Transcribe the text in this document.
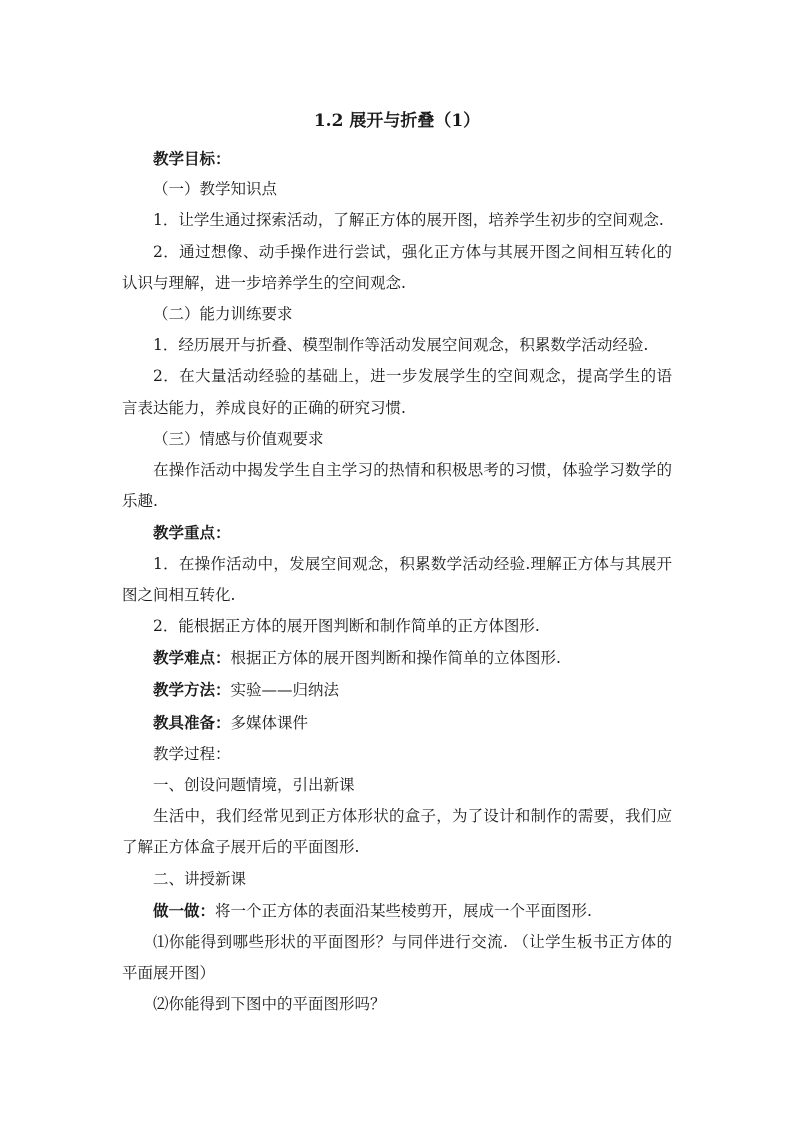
1.2 展开与折叠（1）

教学目标：

（一）教学知识点

1．让学生通过探索活动，了解正方体的展开图，培养学生初步的空间观念.

2．通过想像、动手操作进行尝试，强化正方体与其展开图之间相互转化的认识与理解，进一步培养学生的空间观念.

（二）能力训练要求

1．经历展开与折叠、模型制作等活动发展空间观念，积累数学活动经验.

2．在大量活动经验的基础上，进一步发展学生的空间观念，提高学生的语言表达能力，养成良好的正确的研究习惯.

（三）情感与价值观要求

在操作活动中揭发学生自主学习的热情和积极思考的习惯，体验学习数学的乐趣.

教学重点：

1．在操作活动中，发展空间观念，积累数学活动经验.理解正方体与其展开图之间相互转化.

2．能根据正方体的展开图判断和制作简单的正方体图形.

教学难点：根据正方体的展开图判断和操作简单的立体图形.

教学方法：实验——归纳法

教具准备：多媒体课件

教学过程：

一、创设问题情境，引出新课

生活中，我们经常见到正方体形状的盒子，为了设计和制作的需要，我们应了解正方体盒子展开后的平面图形.

二、讲授新课

做一做：将一个正方体的表面沿某些棱剪开，展成一个平面图形.

⑴你能得到哪些形状的平面图形？与同伴进行交流. （让学生板书正方体的平面展开图）

⑵你能得到下图中的平面图形吗？
